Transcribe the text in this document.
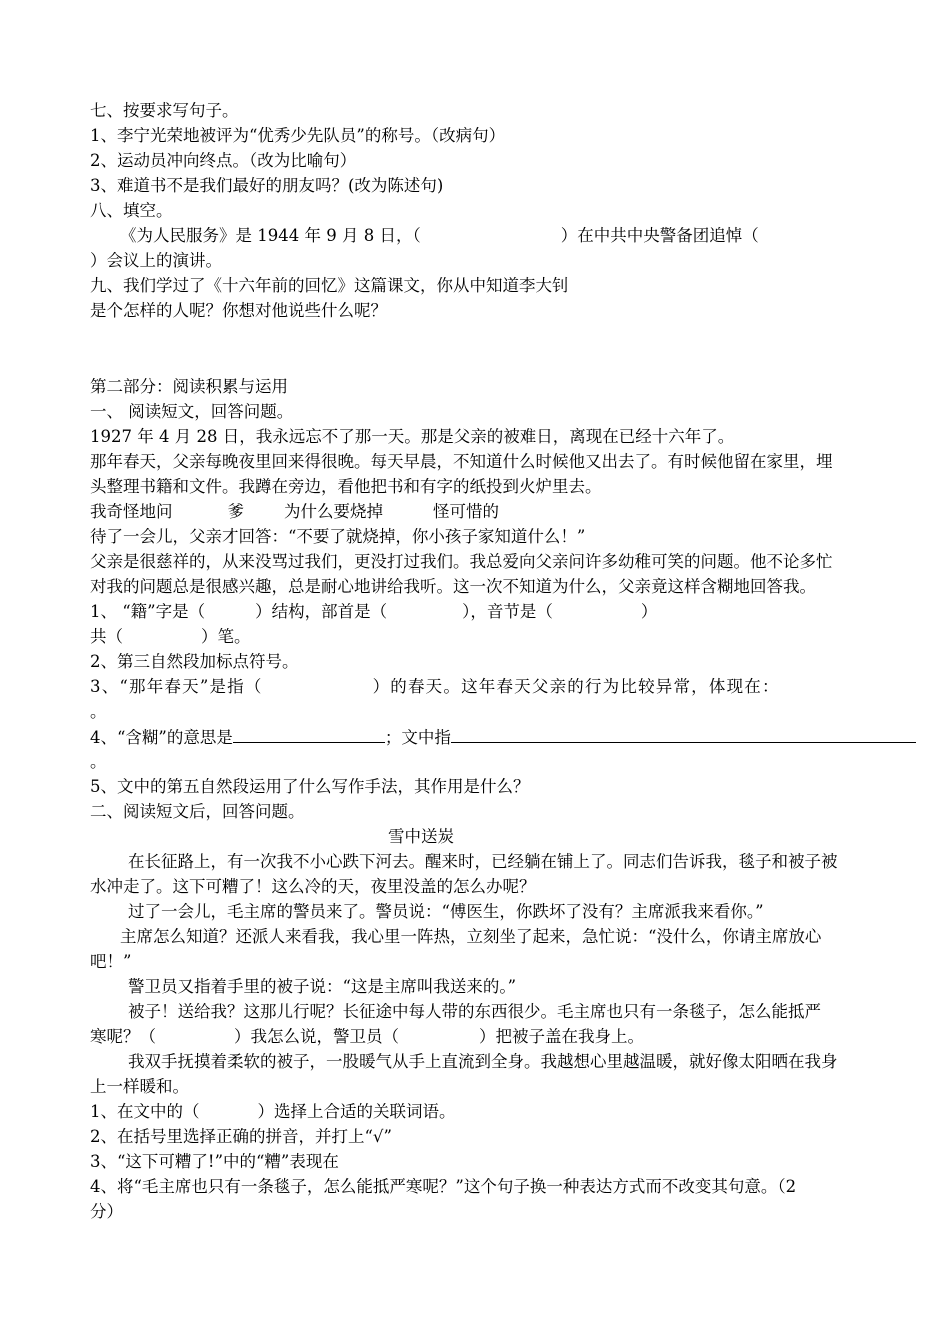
七、按要求写句子。
1、李宁光荣地被评为“优秀少先队员”的称号。（改病句）
2、运动员冲向终点。（改为比喻句）
3、难道书不是我们最好的朋友吗？(改为陈述句)
八、填空。
《为人民服务》是 1944 年 9 月 8 日，（	）在中共中央警备团追悼（
）会议上的演讲。
九、我们学过了《十六年前的回忆》这篇课文，你从中知道李大钊
是个怎样的人呢？你想对他说些什么呢？
第二部分：阅读积累与运用
一、 阅读短文，回答问题。
1927 年 4 月 28 日，我永远忘不了那一天。那是父亲的被难日，离现在已经十六年了。
那年春天，父亲每晚夜里回来得很晚。每天早晨，不知道什么时候他又出去了。有时候他留在家里，埋
头整理书籍和文件。我蹲在旁边，看他把书和有字的纸投到火炉里去。
我奇怪地问	爹 为什么要烧掉	怪可惜的
待了一会儿，父亲才回答：“不要了就烧掉，你小孩子家知道什么！”
父亲是很慈祥的，从来没骂过我们，更没打过我们。我总爱向父亲问许多幼稚可笑的问题。他不论多忙
对我的问题总是很感兴趣，总是耐心地讲给我听。这一次不知道为什么，父亲竟这样含糊地回答我。
1、 “籍”字是（	）结构，部首是（	），音节是（	）
共（	）笔。
2、第三自然段加标点符号。
3、“那年春天”是指（	）的春天。这年春天父亲的行为比较异常，体现在：
。
4、“含糊”的意思是	；文中指
。
5、文中的第五自然段运用了什么写作手法，其作用是什么？
二、阅读短文后，回答问题。
雪中送炭
在长征路上，有一次我不小心跌下河去。醒来时，已经躺在铺上了。同志们告诉我，毯子和被子被
水冲走了。这下可糟了！这么冷的天，夜里没盖的怎么办呢？
过了一会儿，毛主席的警员来了。警员说：“傅医生，你跌坏了没有？主席派我来看你。”
主席怎么知道？还派人来看我，我心里一阵热，立刻坐了起来，急忙说：“没什么，你请主席放心
吧！”
警卫员又指着手里的被子说：“这是主席叫我送来的。”
被子！送给我？这那儿行呢？长征途中每人带的东西很少。毛主席也只有一条毯子，怎么能抵严
寒呢？（	）我怎么说，警卫员（	）把被子盖在我身上。
我双手抚摸着柔软的被子，一股暖气从手上直流到全身。我越想心里越温暖，就好像太阳晒在我身
上一样暖和。
1、在文中的（	）选择上合适的关联词语。
2、在括号里选择正确的拼音，并打上“√”
3、“这下可糟了!”中的“糟”表现在
4、将“毛主席也只有一条毯子，怎么能抵严寒呢？”这个句子换一种表达方式而不改变其句意。（2
分）
